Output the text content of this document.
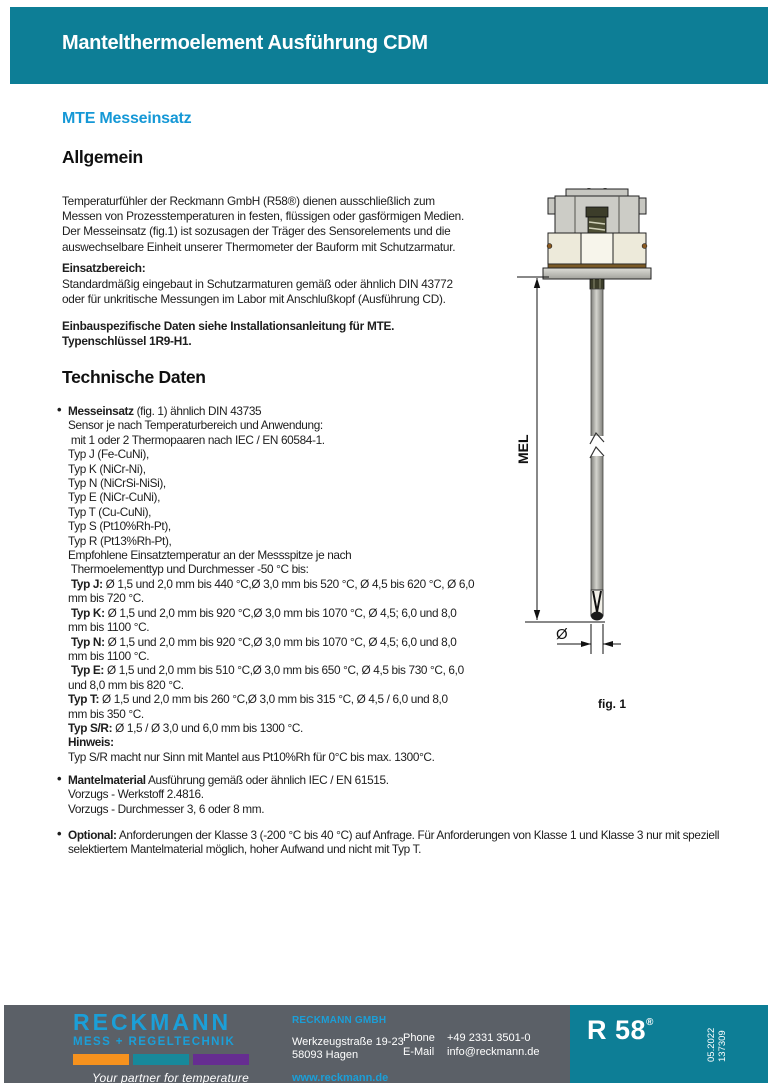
Mantelthermoelement Ausführung CDM
MTE Messeinsatz
Allgemein
Temperaturfühler der Reckmann GmbH (R58®) dienen ausschließlich zum
Messen von Prozesstemperaturen in festen, flüssigen oder gasförmigen Medien.
Der Messeinsatz (fig.1) ist sozusagen der Träger des Sensorelements und die
auswechselbare Einheit unserer Thermometer der Bauform mit Schutzarmatur.
Einsatzbereich:
Standardmäßig eingebaut in Schutzarmaturen gemäß oder ähnlich DIN 43772
oder für unkritische Messungen im Labor mit Anschlußkopf (Ausführung CD).
Einbauspezifische Daten siehe Installationsanleitung für MTE.
Typenschlüssel 1R9-H1.
Technische Daten
• Messeinsatz (fig. 1) ähnlich DIN 43735
Sensor je nach Temperaturbereich und Anwendung:
mit 1 oder 2 Thermopaaren nach IEC / EN 60584-1.
Typ J (Fe-CuNi),
Typ K (NiCr-Ni),
Typ N (NiCrSi-NiSi),
Typ E (NiCr-CuNi),
Typ T (Cu-CuNi),
Typ S (Pt10%Rh-Pt),
Typ R (Pt13%Rh-Pt),
Empfohlene Einsatztemperatur an der Messspitze je nach
Thermoelementtyp und Durchmesser -50 °C bis:
Typ J: Ø 1,5 und 2,0 mm bis 440 °C,Ø 3,0 mm bis 520 °C, Ø 4,5 bis 620 °C, Ø 6,0
mm bis 720 °C.
Typ K: Ø 1,5 und 2,0 mm bis 920 °C,Ø 3,0 mm bis 1070 °C, Ø 4,5; 6,0 und 8,0
mm bis 1100 °C.
Typ N: Ø 1,5 und 2,0 mm bis 920 °C,Ø 3,0 mm bis 1070 °C, Ø 4,5; 6,0 und 8,0
mm bis 1100 °C.
Typ E: Ø 1,5 und 2,0 mm bis 510 °C,Ø 3,0 mm bis 650 °C, Ø 4,5 bis 730 °C, 6,0
und 8,0 mm bis 820 °C.
Typ T: Ø 1,5 und 2,0 mm bis 260 °C,Ø 3,0 mm bis 315 °C, Ø 4,5 / 6,0 und 8,0
mm bis 350 °C.
Typ S/R: Ø 1,5 / Ø 3,0 und 6,0 mm bis 1300 °C.
Hinweis:
Typ S/R macht nur Sinn mit Mantel aus Pt10%Rh für 0°C bis max. 1300°C.
• Mantelmaterial Ausführung gemäß oder ähnlich IEC / EN 61515.
Vorzugs - Werkstoff 2.4816.
Vorzugs - Durchmesser 3, 6 oder 8 mm.
• Optional: Anforderungen der Klasse 3 (-200 °C bis 40 °C) auf Anfrage. Für Anforderungen von Klasse 1 und Klasse 3 nur mit speziell
selektiertem Mantelmaterial möglich, hoher Aufwand und nicht mit Typ T.
MEL
Ø
fig. 1
RECKMANN
MESS + REGELTECHNIK
Your partner for temperature
RECKMANN GMBH
Werkzeugstraße 19-23
58093 Hagen
www.reckmann.de
Phone	+49 2331 3501-0
E-Mail	info@reckmann.de
R 58®
05.2022 137309
